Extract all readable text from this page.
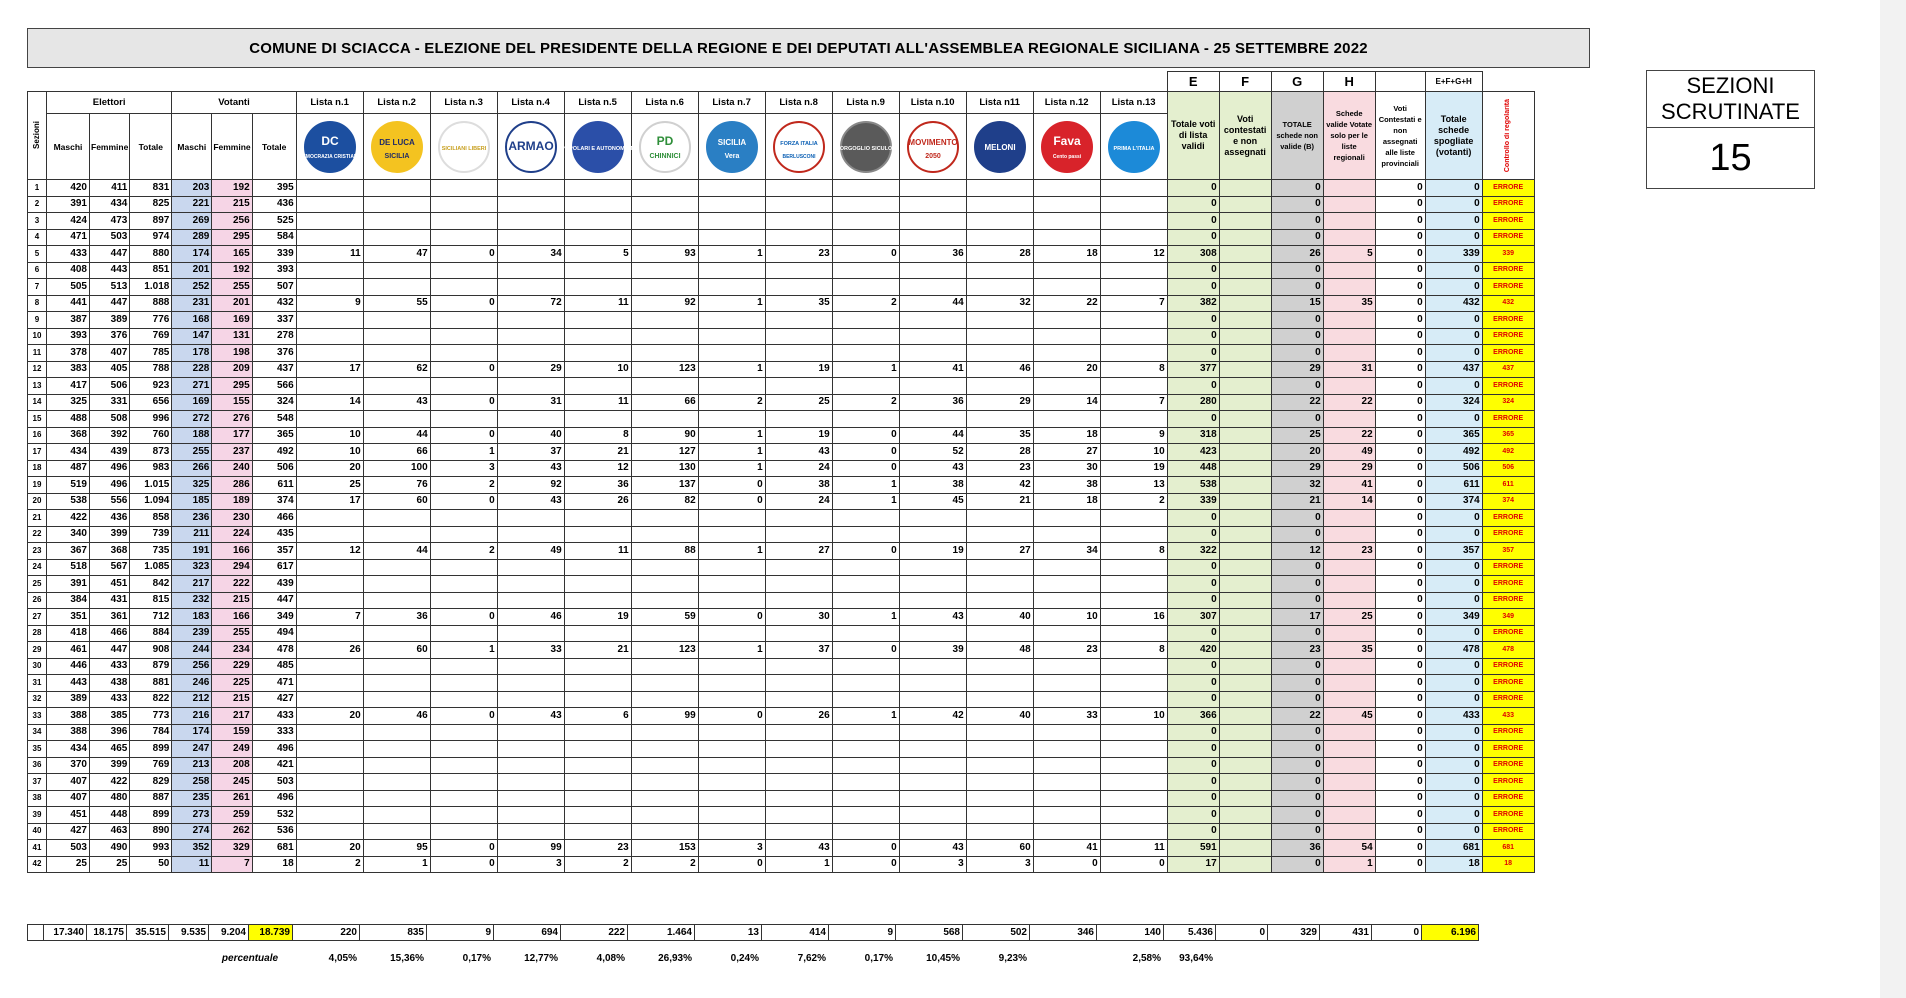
COMUNE DI SCIACCA - ELEZIONE DEL PRESIDENTE DELLA REGIONE E DEI DEPUTATI ALL'ASSEMBLEA REGIONALE SICILIANA - 25 SETTEMBRE 2022
SEZIONI
SCRUTINATE
15
																				E	F	G	H		E+F+G+H	

Sezioni	Elettori			Votanti			Lista n.1	Lista n.2	Lista n.3	Lista n.4	Lista n.5	Lista n.6	Lista n.7	Lista n.8	Lista n.9	Lista n.10	Lista n11	Lista n.12	Lista n.13	Totale voti di lista validi	Voti contestati e non assegnati	TOTALE schede non valide (B)	Schede valide Votate solo per le liste regionali	Voti Contestati e non assegnati alle liste provinciali	Totale schede spogliate (votanti)	Controllo di regolarità

	Maschi	Femmine	Totale	Maschi	Femmine	Totale	DC
DEMOCRAZIA CRISTIANA	DE LUCA
SICILIA	SICILIANI LIBERI	ARMAO	POPOLARI E AUTONOMISTI	PD
CHINNICI	SICILIA
Vera	FORZA ITALIA
BERLUSCONI	ORGOGLIO SICULO	MOVIMENTO
2050	MELONI	Fava
Cento passi	PRIMA L'ITALIA							

1	420	411	831	203	192	395														0		0		0	0	ERRORE
2	391	434	825	221	215	436														0		0		0	0	ERRORE
3	424	473	897	269	256	525														0		0		0	0	ERRORE
4	471	503	974	289	295	584														0		0		0	0	ERRORE
5	433	447	880	174	165	339	11	47	0	34	5	93	1	23	0	36	28	18	12	308		26	5	0	339	339
6	408	443	851	201	192	393														0		0		0	0	ERRORE
7	505	513	1.018	252	255	507														0		0		0	0	ERRORE
8	441	447	888	231	201	432	9	55	0	72	11	92	1	35	2	44	32	22	7	382		15	35	0	432	432
9	387	389	776	168	169	337														0		0		0	0	ERRORE
10	393	376	769	147	131	278														0		0		0	0	ERRORE
11	378	407	785	178	198	376														0		0		0	0	ERRORE
12	383	405	788	228	209	437	17	62	0	29	10	123	1	19	1	41	46	20	8	377		29	31	0	437	437
13	417	506	923	271	295	566														0		0		0	0	ERRORE
14	325	331	656	169	155	324	14	43	0	31	11	66	2	25	2	36	29	14	7	280		22	22	0	324	324
15	488	508	996	272	276	548														0		0		0	0	ERRORE
16	368	392	760	188	177	365	10	44	0	40	8	90	1	19	0	44	35	18	9	318		25	22	0	365	365
17	434	439	873	255	237	492	10	66	1	37	21	127	1	43	0	52	28	27	10	423		20	49	0	492	492
18	487	496	983	266	240	506	20	100	3	43	12	130	1	24	0	43	23	30	19	448		29	29	0	506	506
19	519	496	1.015	325	286	611	25	76	2	92	36	137	0	38	1	38	42	38	13	538		32	41	0	611	611
20	538	556	1.094	185	189	374	17	60	0	43	26	82	0	24	1	45	21	18	2	339		21	14	0	374	374
21	422	436	858	236	230	466														0		0		0	0	ERRORE
22	340	399	739	211	224	435														0		0		0	0	ERRORE
23	367	368	735	191	166	357	12	44	2	49	11	88	1	27	0	19	27	34	8	322		12	23	0	357	357
24	518	567	1.085	323	294	617														0		0		0	0	ERRORE
25	391	451	842	217	222	439														0		0		0	0	ERRORE
26	384	431	815	232	215	447														0		0		0	0	ERRORE
27	351	361	712	183	166	349	7	36	0	46	19	59	0	30	1	43	40	10	16	307		17	25	0	349	349
28	418	466	884	239	255	494														0		0		0	0	ERRORE
29	461	447	908	244	234	478	26	60	1	33	21	123	1	37	0	39	48	23	8	420		23	35	0	478	478
30	446	433	879	256	229	485														0		0		0	0	ERRORE
31	443	438	881	246	225	471														0		0		0	0	ERRORE
32	389	433	822	212	215	427														0		0		0	0	ERRORE
33	388	385	773	216	217	433	20	46	0	43	6	99	0	26	1	42	40	33	10	366		22	45	0	433	433
34	388	396	784	174	159	333														0		0		0	0	ERRORE
35	434	465	899	247	249	496														0		0		0	0	ERRORE
36	370	399	769	213	208	421														0		0		0	0	ERRORE
37	407	422	829	258	245	503														0		0		0	0	ERRORE
38	407	480	887	235	261	496														0		0		0	0	ERRORE
39	451	448	899	273	259	532														0		0		0	0	ERRORE
40	427	463	890	274	262	536														0		0		0	0	ERRORE
41	503	490	993	352	329	681	20	95	0	99	23	153	3	43	0	43	60	41	11	591		36	54	0	681	681
42	25	25	50	11	7	18	2	1	0	3	2	2	0	1	0	3	3	0	0	17		0	1	0	18	18
	17.340	18.175	35.515	9.535	9.204	18.739	220	835	9	694	222	1.464	13	414	9	568	502	346	140	5.436	0	329	431	0	6.196
					percentuale	4,05%	15,36%	0,17%	12,77%	4,08%	26,93%	0,24%	7,62%	0,17%	10,45%	9,23%		2,58%	93,64%
